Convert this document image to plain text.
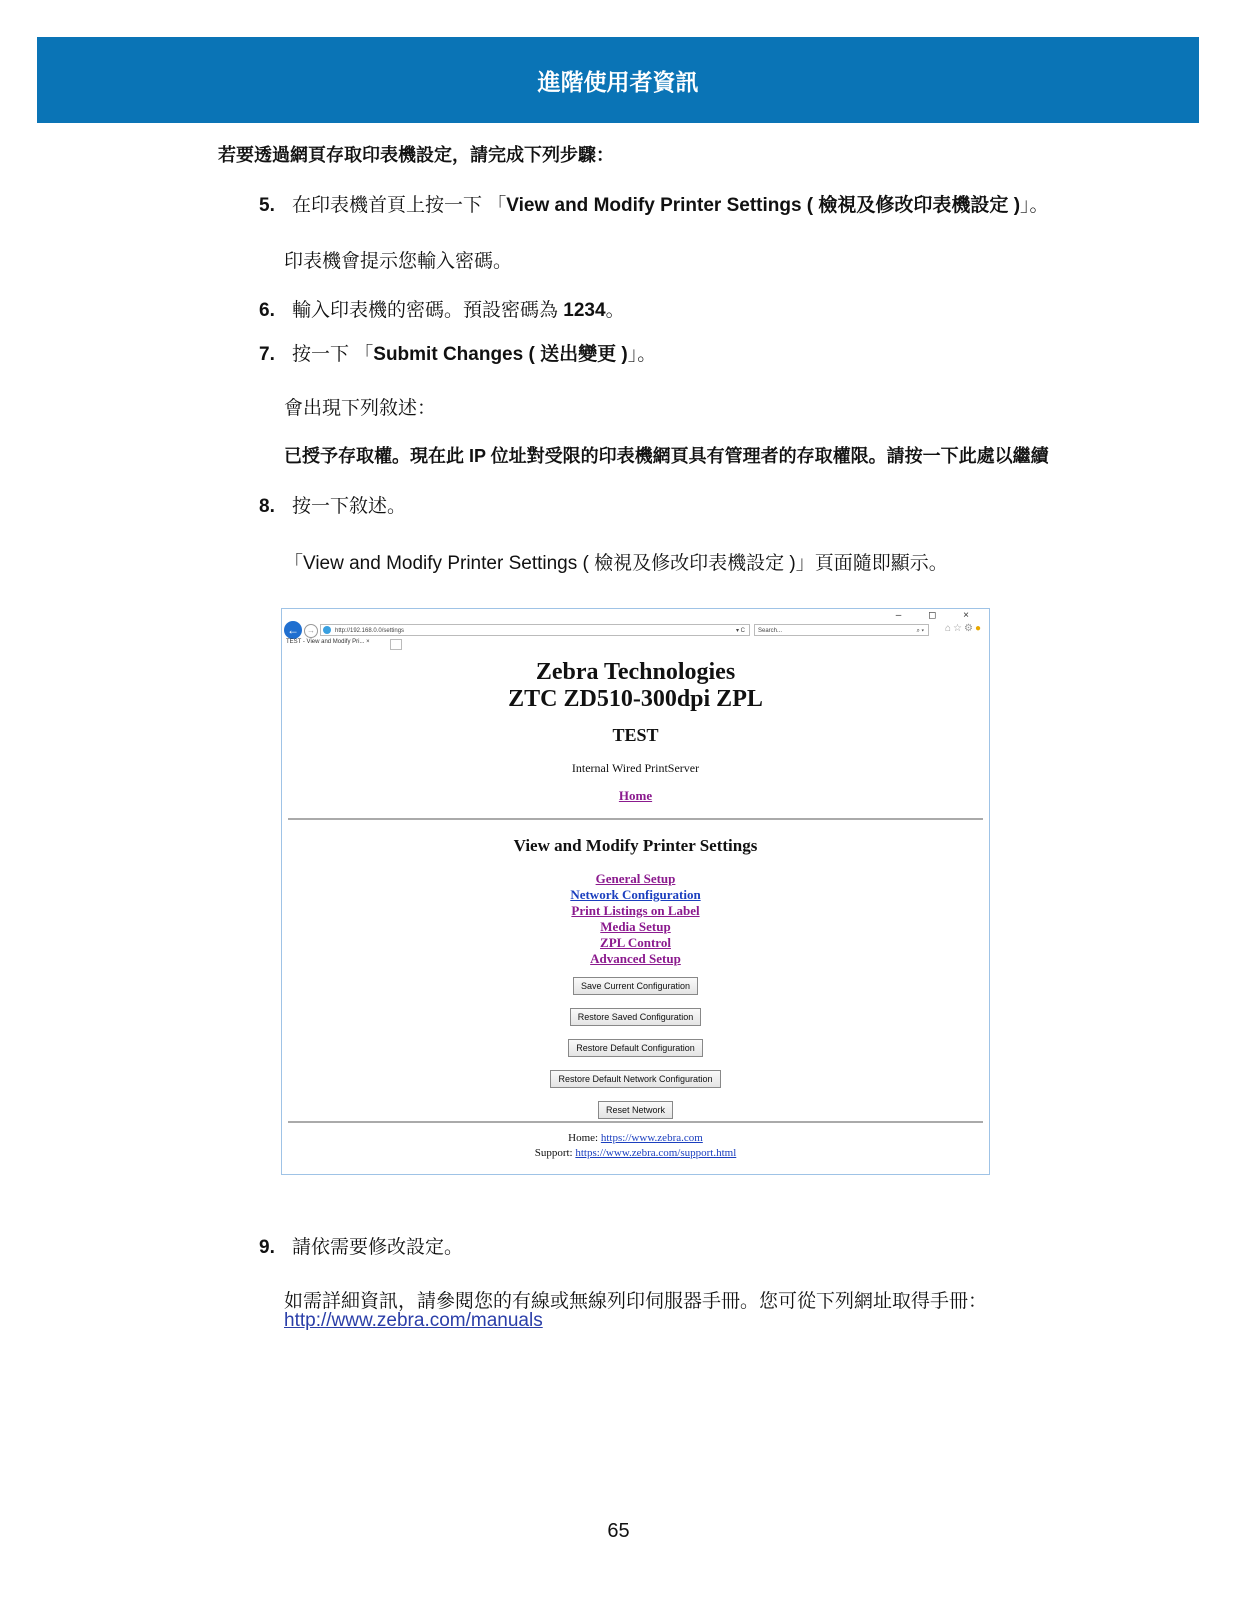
進階使用者資訊
若要透過網頁存取印表機設定，請完成下列步驟：
5. 在印表機首頁上按一下 「View and Modify Printer Settings ( 檢視及修改印表機設定 )」。
印表機會提示您輸入密碼。
6. 輸入印表機的密碼。預設密碼為 1234。
7. 按一下 「Submit Changes ( 送出變更 )」。
會出現下列敘述：
已授予存取權。現在此 IP 位址對受限的印表機網頁具有管理者的存取權限。請按一下此處以繼續
8. 按一下敘述。
「View and Modify Printer Settings ( 檢視及修改印表機設定 )」頁面隨即顯示。
←	→	http://192.168.0.0/settings	▾ C	Search...	⌕ ▾
– ◻ ×
⌂☆⚙●
TEST - View and Modify Pri... ×
Zebra Technologies
ZTC ZD510-300dpi ZPL
TEST
Internal Wired PrintServer
Home
View and Modify Printer Settings
General Setup
Network Configuration
Print Listings on Label
Media Setup
ZPL Control
Advanced Setup
Save Current Configuration
Restore Saved Configuration
Restore Default Configuration
Restore Default Network Configuration
Reset Network
Home: https://www.zebra.com
Support: https://www.zebra.com/support.html
9. 請依需要修改設定。
如需詳細資訊，請參閱您的有線或無線列印伺服器手冊。您可從下列網址取得手冊：
http://www.zebra.com/manuals
65
